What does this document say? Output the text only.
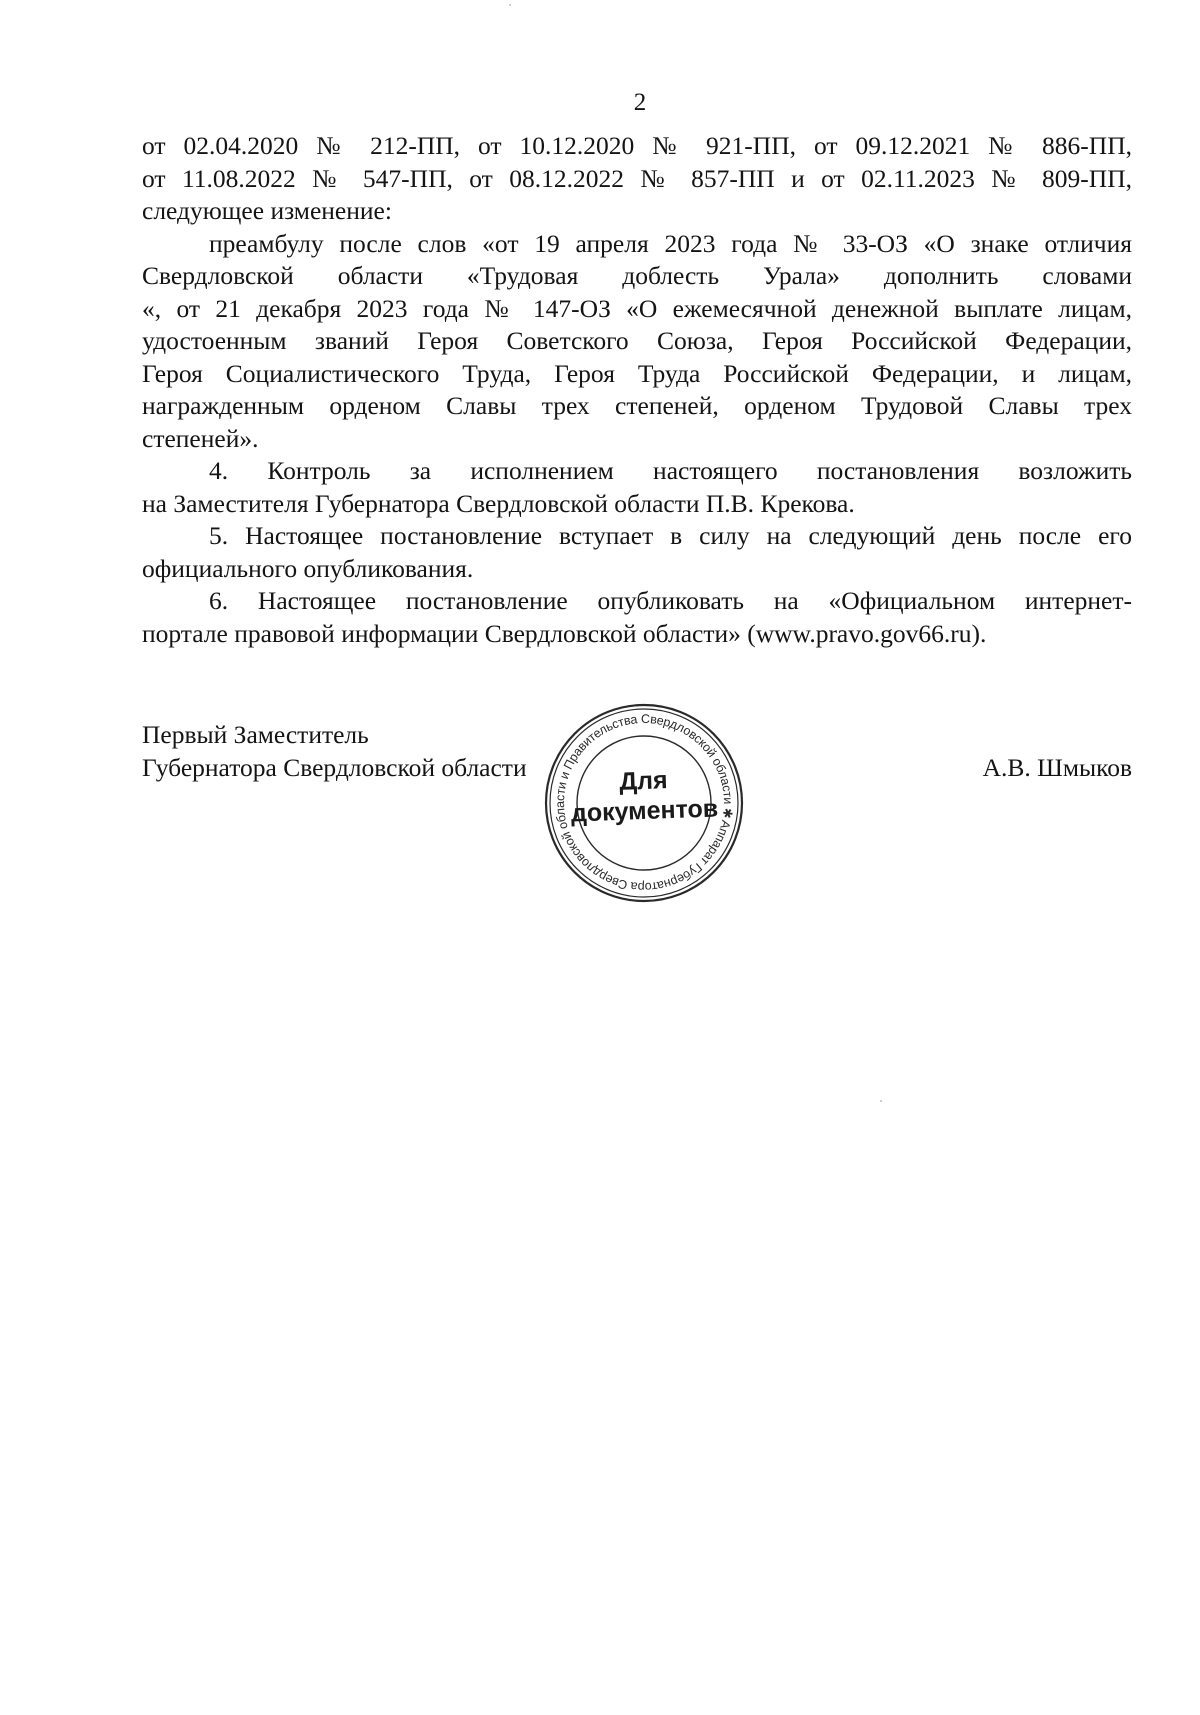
2

от 02.04.2020 № 212-ПП, от 10.12.2020 № 921-ПП, от 09.12.2021 № 886-ПП,
от 11.08.2022 № 547-ПП, от 08.12.2022 № 857-ПП и от 02.11.2023 № 809-ПП,
следующее изменение:

преамбулу после слов «от 19 апреля 2023 года № 33-ОЗ «О знаке отличия
Свердловской области «Трудовая доблесть Урала» дополнить словами
«, от 21 декабря 2023 года № 147-ОЗ «О ежемесячной денежной выплате лицам,
удостоенным званий Героя Советского Союза, Героя Российской Федерации,
Героя Социалистического Труда, Героя Труда Российской Федерации, и лицам,
награжденным орденом Славы трех степеней, орденом Трудовой Славы трех
степеней».

4. Контроль за исполнением настоящего постановления возложить
на Заместителя Губернатора Свердловской области П.В. Крекова.

5. Настоящее постановление вступает в силу на следующий день после его
официального опубликования.

6. Настоящее постановление опубликовать на «Официальном интернет-
портале правовой информации Свердловской области» (www.pravo.gov66.ru).

Первый Заместитель
Губернатора Свердловской области	А.В. Шмыков
Аппарат Губернатора Свердловской области и Правительства Свердловской области ✱
Для
документов
